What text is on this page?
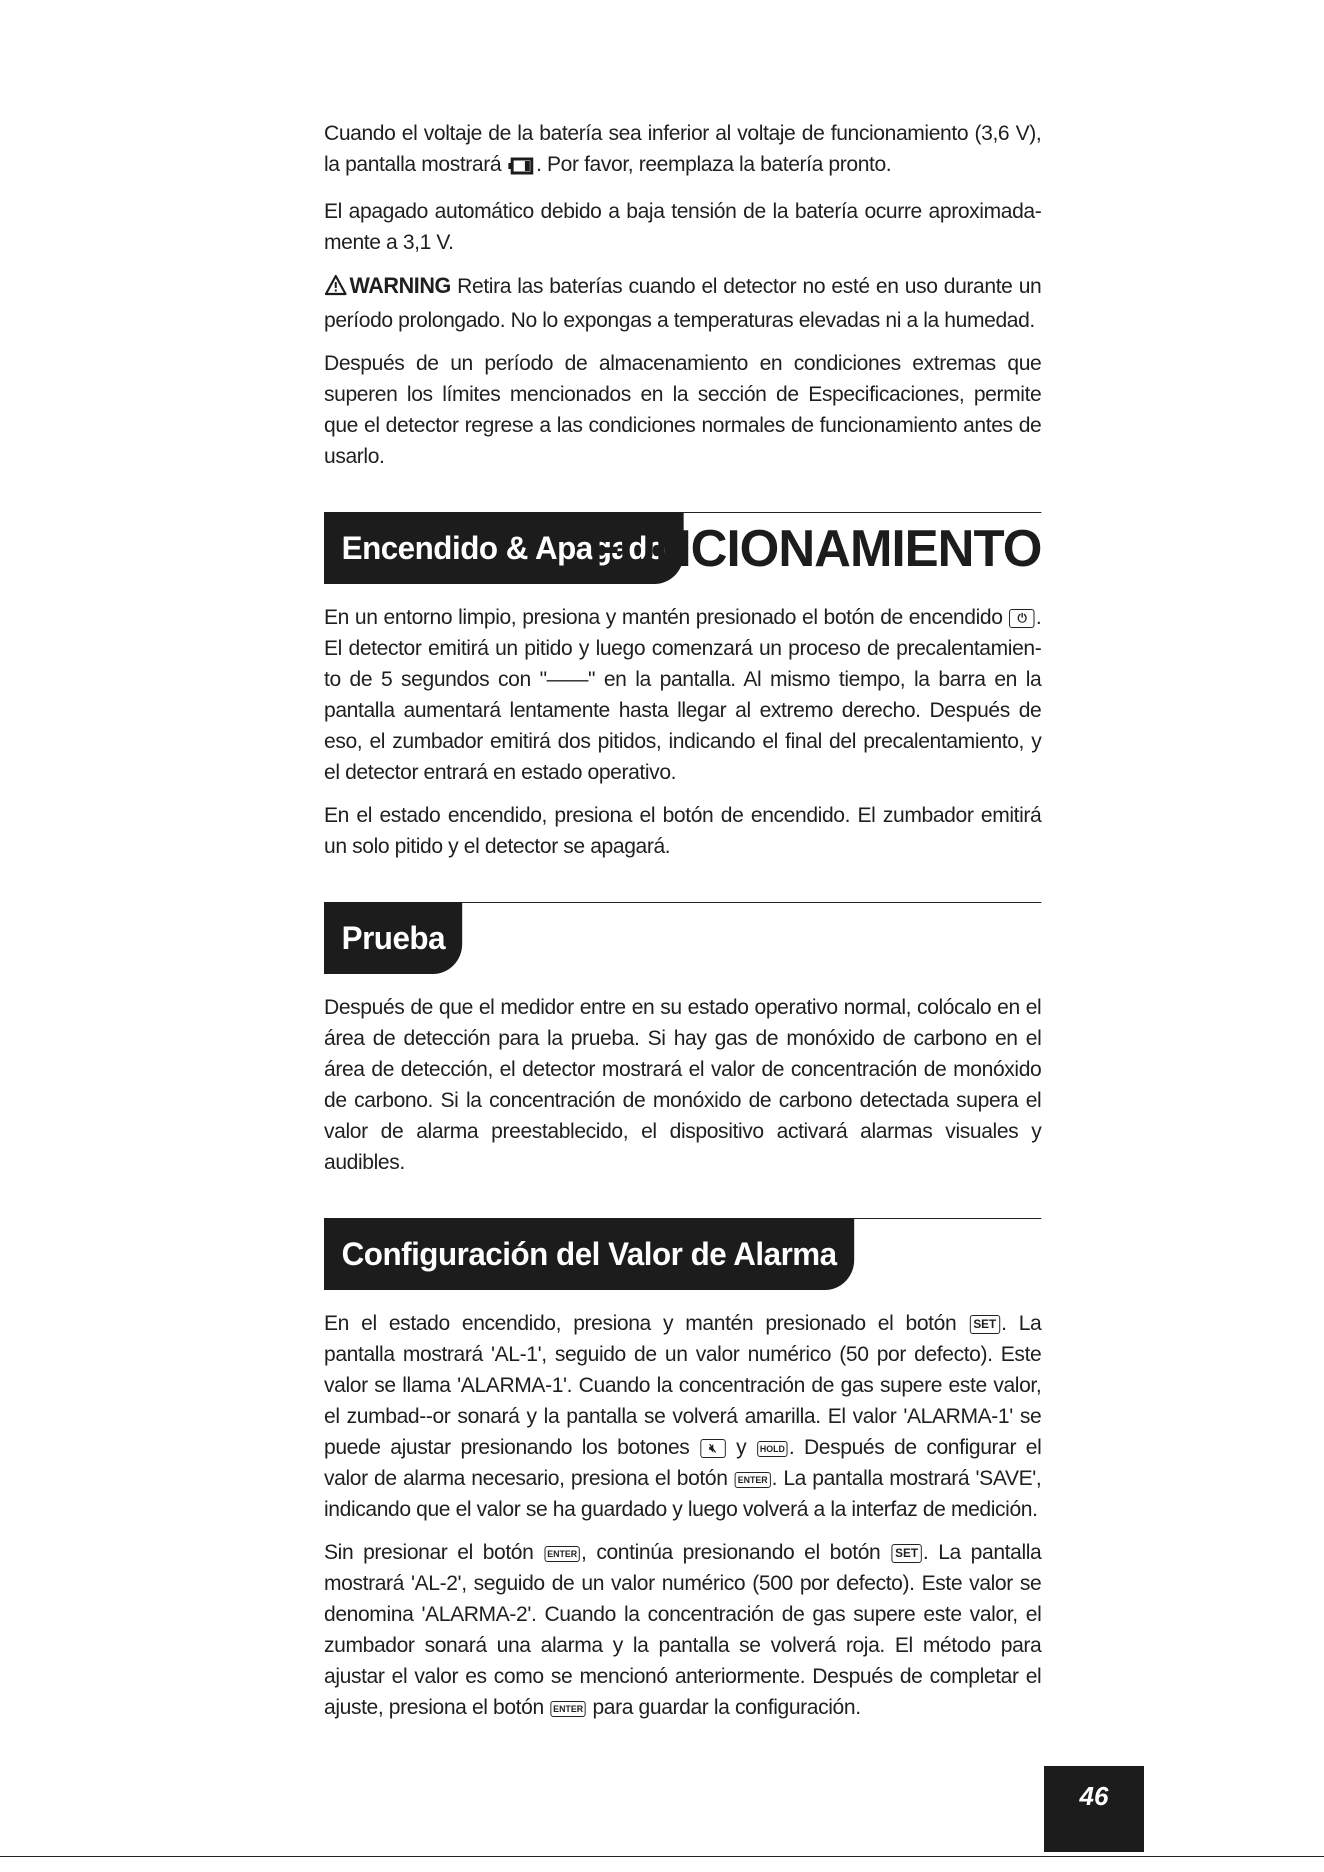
Cuando el voltaje de la batería sea inferior al voltaje de funcionamiento (3,6 V), la pantalla mostrará . Por favor, reemplaza la batería pronto.

El apagado automático debido a baja tensión de la batería ocurre aproximada-mente a 3,1 V.

WARNING Retira las baterías cuando el detector no esté en uso durante un período prolongado. No lo expongas a temperaturas elevadas ni a la humedad.

Después de un período de almacenamiento en condiciones extremas que superen los límites mencionados en la sección de Especificaciones, permite que el detector regrese a las condiciones normales de funcionamiento antes de usarlo.

Encendido & Apagado
FUNCIONAMIENTO

En un entorno limpio, presiona y mantén presionado el botón de encendido ⏻ . El detector emitirá un pitido y luego comenzará un proceso de precalentamien-to de 5 segundos con "——" en la pantalla. Al mismo tiempo, la barra en la pantalla aumentará lentamente hasta llegar al extremo derecho. Después de eso, el zumbador emitirá dos pitidos, indicando el final del precalentamiento, y el detector entrará en estado operativo.

En el estado encendido, presiona el botón de encendido. El zumbador emitirá un solo pitido y el detector se apagará.

Prueba

Después de que el medidor entre en su estado operativo normal, colócalo en el área de detección para la prueba. Si hay gas de monóxido de carbono en el área de detección, el detector mostrará el valor de concentración de monóxido de carbono. Si la concentración de monóxido de carbono detectada supera el valor de alarma preestablecido, el dispositivo activará alarmas visuales y audibles.

Configuración del Valor de Alarma

En el estado encendido, presiona y mantén presionado el botón SET . La pantalla mostrará 'AL-1', seguido de un valor numérico (50 por defecto). Este valor se llama 'ALARMA-1'. Cuando la concentración de gas supere este valor, el zumbad--or sonará y la pantalla se volverá amarilla. El valor 'ALARMA-1' se puede ajustar presionando los botones 🔇︎ y HOLD . Después de configurar el valor de alarma necesario, presiona el botón ENTER . La pantalla mostrará 'SAVE', indicando que el valor se ha guardado y luego volverá a la interfaz de medición.

Sin presionar el botón ENTER , continúa presionando el botón SET . La pantalla mostrará 'AL-2', seguido de un valor numérico (500 por defecto). Este valor se denomina 'ALARMA-2'. Cuando la concentración de gas supere este valor, el zumbador sonará una alarma y la pantalla se volverá roja. El método para ajustar el valor es como se mencionó anteriormente. Después de completar el ajuste, presiona el botón ENTER para guardar la configuración.

46
